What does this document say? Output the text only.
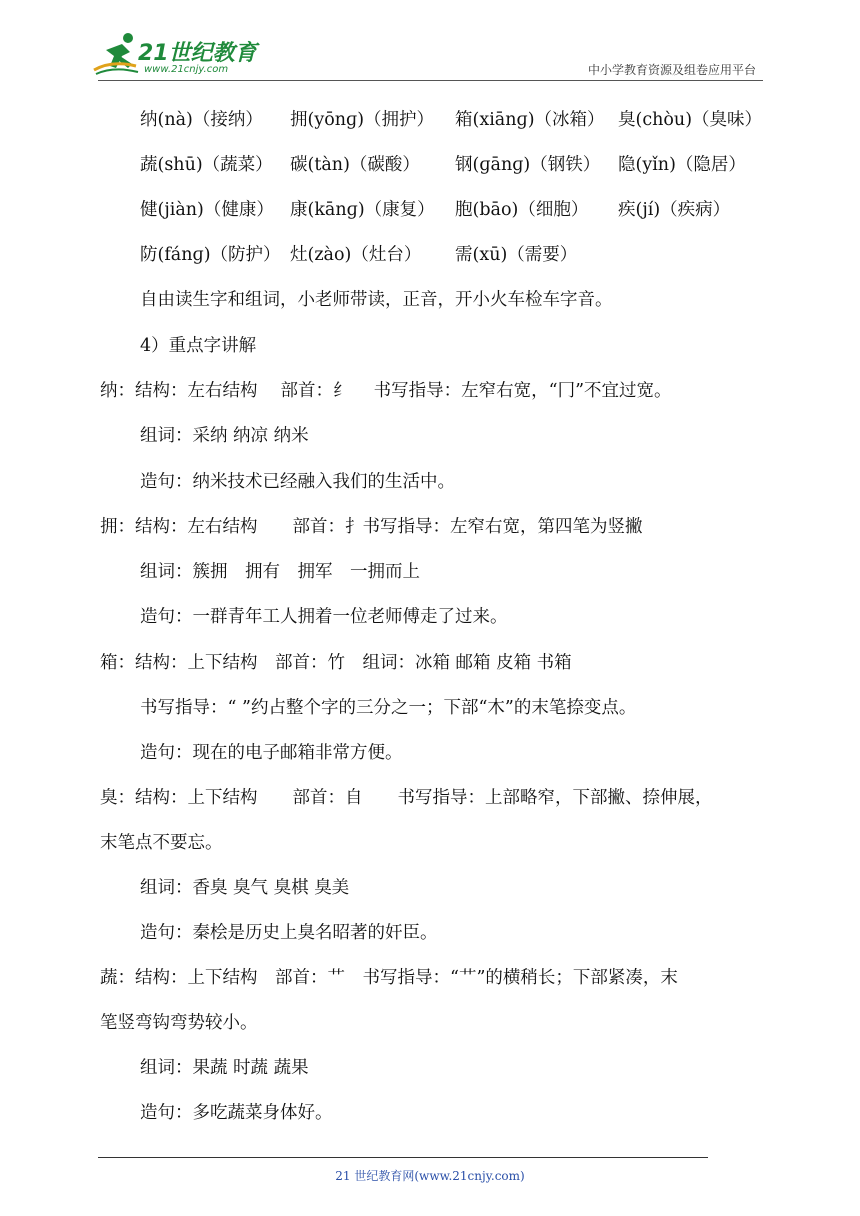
21世纪教育
www.21cnjy.com	中小学教育资源及组卷应用平台
纳(nà)（接纳） 拥(yōnɡ)（拥护） 箱(xiānɡ)（冰箱） 臭(chòu)（臭味）
蔬(shū)（蔬菜） 碳(tàn)（碳酸） 钢(ɡānɡ)（钢铁） 隐(yǐn)（隐居）
健(jiàn)（健康） 康(kānɡ)（康复） 胞(bāo)（细胞） 疾(jí)（疾病）
防(fánɡ)（防护） 灶(zào)（灶台） 需(xū)（需要）
自由读生字和组词，小老师带读，正音，开小火车检车字音。
4）重点字讲解
纳：结构：左右结构　 部首：纟　 书写指导：左窄右宽，“冂”不宜过宽。
组词：采纳 纳凉 纳米
造句：纳米技术已经融入我们的生活中。
拥：结构：左右结构　　部首：扌书写指导：左窄右宽，第四笔为竖撇
组词：簇拥　拥有　拥军　一拥而上
造句：一群青年工人拥着一位老师傅走了过来。
箱：结构：上下结构　部首：竹　组词：冰箱 邮箱 皮箱 书箱
书写指导：“ ”约占整个字的三分之一；下部“木”的末笔捺变点。
造句：现在的电子邮箱非常方便。
臭：结构：上下结构　　部首：自　　书写指导：上部略窄，下部撇、捺伸展，
末笔点不要忘。
组词：香臭 臭气 臭棋 臭美
造句：秦桧是历史上臭名昭著的奸臣。
蔬：结构：上下结构　部首：艹　书写指导：“艹”的横稍长；下部紧凑，末
笔竖弯钩弯势较小。
组词：果蔬 时蔬 蔬果
造句：多吃蔬菜身体好。
21 世纪教育网(www.21cnjy.com)
